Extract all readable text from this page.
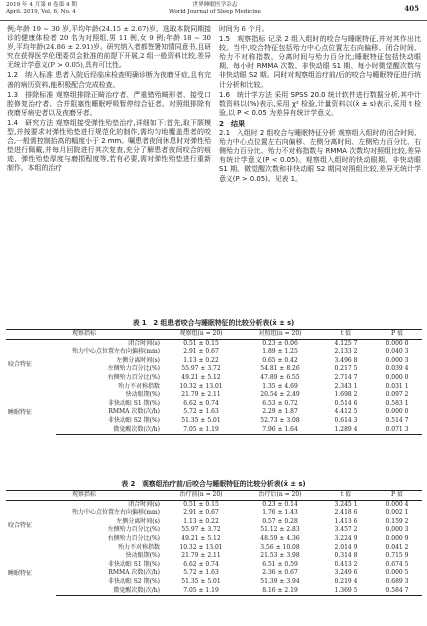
2019 年 4 月第 6 卷第 4 期
April. 2019, Vol. 6, No. 4
世界睡眠医学杂志
World Journal of Sleep Medicine	405

例;年龄 19 ~ 30 岁,平均年龄(24.15 ± 2.67)岁。选取本院同期接诊的健康体检者 20 名为对照组,男 11 例,女 9 例;年龄 18 ~ 30 岁,平均年龄(24.86 ± 2.91)岁。研究纳入者都签署知情同意书,且研究在获得医学伦理委员会批准的前提下开展,2 组一般资料比较,差异无统计学意义(P > 0.05),具有可比性。

1.2　纳入标准 患者入院后经临床检查明确诊断为夜磨牙症,且有完善的病历资料,能积极配合完成检查。

1.3　排除标准 观察组排除正畸治疗者、严重错殆畸形者、接受口腔修复治疗者、合并阻塞性睡眠呼吸暂停综合征者。对照组排除有夜磨牙病史者以及夜磨牙者。

1.4　研究方法 观察组接受弹性殆垫治疗,详细如下:首先,取下颌模型,并按要求对弹性殆垫进行规范化的制作,需均匀地覆盖患者的咬合,一般需控制抬高的幅度小于 2 mm。嘱患者夜间休息时对弹性殆垫进行佩戴,并每月回院进行其次复查,充分了解患者夜间咬合的痕迹、弹性殆垫厚度与磨损程度等,若有必要,需对弹性殆垫进行重新制作。本组的治疗

时间为 6 个月。

1.5　观察指标 记录 2 组入组时的咬合与睡眠特征,并对其作出比较。当中,咬合特征包括殆力中心点位置左右向偏移、闭合时间、殆力不对称指数、分离时间与殆力百分比;睡眠特征包括快动眼期、每小时 RMMA 次数、非快动眼 S1 期、每小时微觉醒次数与非快动眼 S2 期。同时对观察组治疗前/后的咬合与睡眠特征进行统计分析和比较。

1.6　统计学方法 采用 SPSS 20.0 统计软件进行数据分析,其中计数资料以(%)表示,采用 χ² 检验,计量资料以(x̄ ± s)表示,采用 t 检验,以 P < 0.05 为差异有统计学意义。

2　结果

2.1　入组时 2 组咬合与睡眠特征分析 观察组入组时的闭合时间、殆力中心点位置左右向偏移、左侧分离时间、左侧殆力百分比、右侧殆力百分比、殆力不对称指数与 RMMA 次数均对照组比较,差异有统计学意义(P < 0.05)。观察组入组时的快动眼期、非快动眼 S1 期、微觉醒次数和非快动眼 S2 期同对照组比较,差异无统计学意义(P > 0.05)。见表 1。

表 1　2 组患者咬合与睡眠特征的比较分析表(x̄ ± s)
观察指标		观察组(n = 20)	对照组(n = 20)	t 值	P 值
咬合特征	闭合时间(s)	0.51 ± 0.15	0.23 ± 0.06	4.125 7	0.000 0
	殆力中心点位置左右向偏移(mm)	2.91 ± 0.67	1.89 ± 1.25	2.133 2	0.040 3
	左侧分离时间(s)	1.13 ± 0.22	0.65 ± 0.42	3.496 8	0.000 3
	左侧殆力百分比(%)	55.97 ± 3.72	54.81 ± 8.26	0.217 5	0.039 4
	右侧殆力百分比(%)	49.21 ± 5.12	47.89 ± 6.55	2.714 7	0.000 0
	殆力不对称指数	10.32 ± 13.01	1.35 ± 4.69	2.343 1	0.031 1
睡眠特征	快动眼期(%)	21.79 ± 2.11	20.54 ± 2.49	1.698 2	0.097 2
	非快动眼 S1 期(%)	6.62 ± 0.74	6.53 ± 0.72	0.514 6	0.583 1
	RMMA 次数(次/h)	5.72 ± 1.63	2.29 ± 1.87	4.412 5	0.000 0
	非快动眼 S2 期(%)	51.35 ± 5.01	52.73 ± 3.08	0.614 3	0.514 7
	微觉醒次数(次/h)	7.05 ± 1.19	7.96 ± 1.64	1.289 4	0.071 3
表 2　观察组治疗前/后咬合与睡眠特征的比较分析表(x̄ ± s)
观察指标		治疗前(n = 20)	治疗后(n = 20)	t 值	P 值
咬合特征	闭合时间(s)	0.51 ± 0.15	0.23 ± 0.14	3.245 1	0.000 4
	殆力中心点位置左右向偏移(mm)	2.91 ± 0.67	1.76 ± 1.43	2.418 6	0.002 1
	左侧分离时间(s)	1.13 ± 0.22	0.57 ± 0.28	1.413 6	0.159 2
	左侧殆力百分比(%)	55.97 ± 3.72	51.12 ± 2.83	3.457 2	0.000 3
	右侧殆力百分比(%)	49.21 ± 5.12	48.59 ± 4.36	3.224 9	0.000 9
	殆力不对称指数	10.32 ± 13.01	3.56 ± 10.08	2.014 9	0.041 2
睡眠特征	快动眼期(%)	21.79 ± 2.11	21.53 ± 3.98	0.314 8	0.715 9
	非快动眼 S1 期(%)	6.62 ± 0.74	6.51 ± 0.59	0.413 2	0.674 5
	RMMA 次数(次/h)	5.72 ± 1.63	2.36 ± 0.67	3.249 6	0.000 5
	非快动眼 S2 期(%)	51.35 ± 5.01	51.39 ± 3.94	0.219 4	0.689 3
	微觉醒次数(次/h)	7.05 ± 1.19	8.16 ± 2.19	1.369 5	0.584 7
